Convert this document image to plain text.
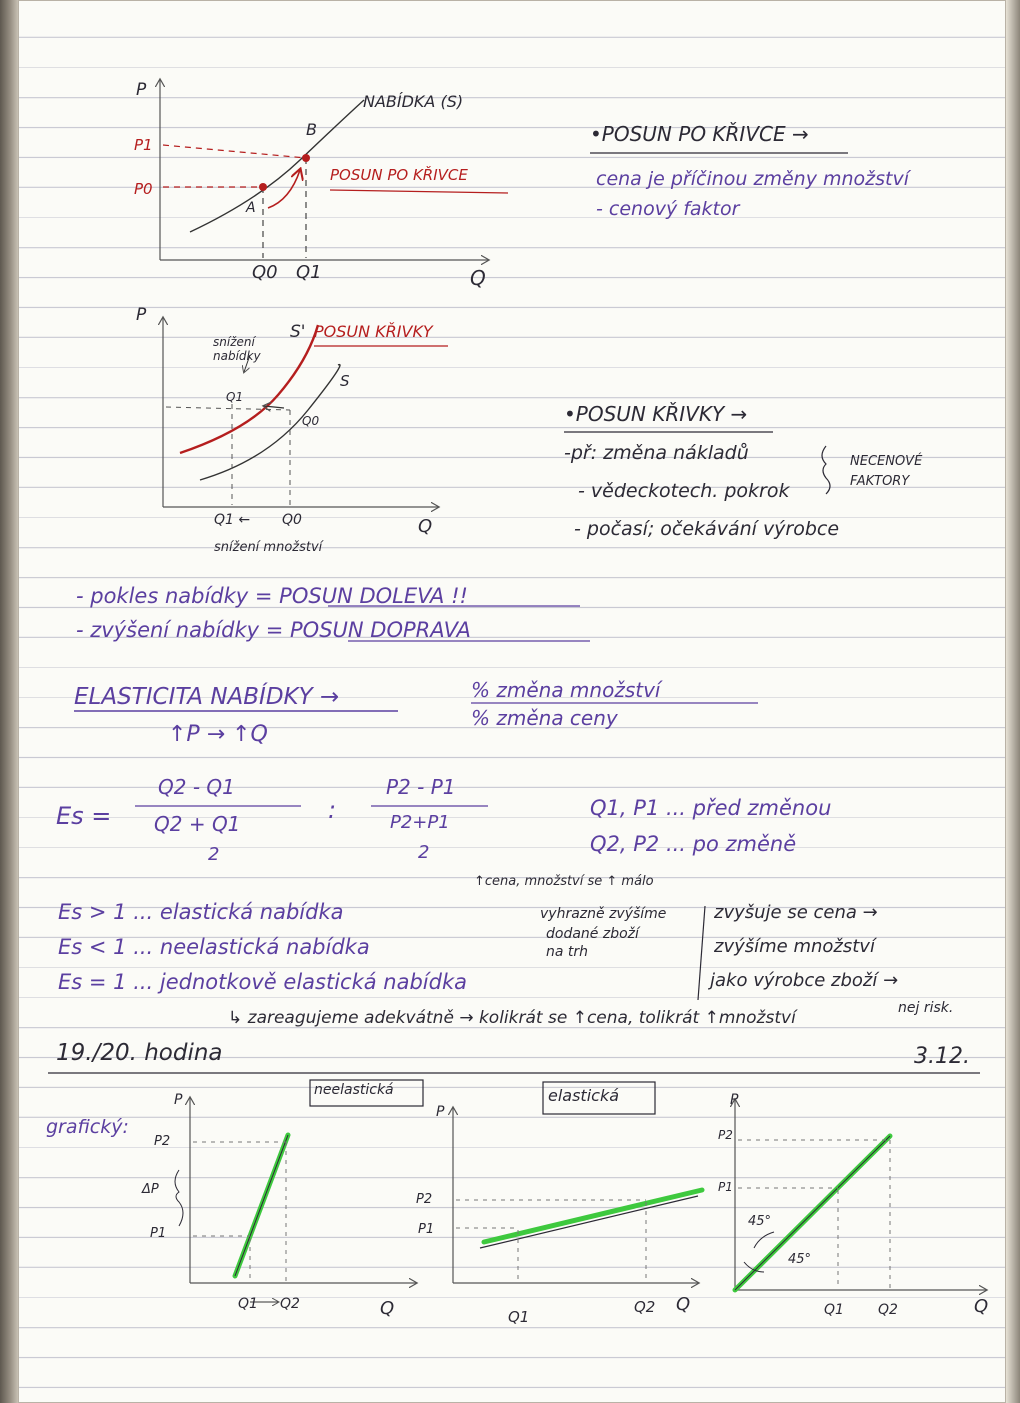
P
P1
P0
Q0 Q1	Q
A
B
NABÍDKA (S)
POSUN PO KŘIVCE
•POSUN PO KŘIVCE →
cena je příčinou změny množství
- cenový faktor
P
S' POSUN KŘIVKY
snížení nabídky
S
Q1
Q0
Q1 ← Q0	Q
snížení množství
•POSUN KŘIVKY →
-př: změna nákladů
- vědeckotech. pokrok
- počasí; očekávání výrobce
NECENOVÉ FAKTORY
- pokles nabídky = POSUN DOLEVA !!
- zvýšení nabídky = POSUN DOPRAVA
ELASTICITA NABÍDKY →	% změna množství
% změna ceny
↑P → ↑Q
Es =
Q2 - Q1
Q2 + Q1
2
:
P2 - P1
P2+P1
2
Q1, P1 ... před změnou
Q2, P2 ... po změně
↑cena, množství se ↑ málo
Es > 1 ... elastická nabídka
Es < 1 ... neelastická nabídka
Es = 1 ... jednotkově elastická nabídka
vyhrazně zvýšíme
dodané zboží
na trh
zvyšuje se cena →
zvýšíme množství
jako výrobce zboží →
nej risk.
↳ zareagujeme adekvátně → kolikrát se ↑cena, tolikrát ↑množství
19./20. hodina	3.12.
grafický:
neelastická
P
P2
ΔP
P1
Q1 Q2	Q
elastická
P
P2
P1
Q1
Q2 Q
P
P2
P1
45°
45°
Q1 Q2	Q
